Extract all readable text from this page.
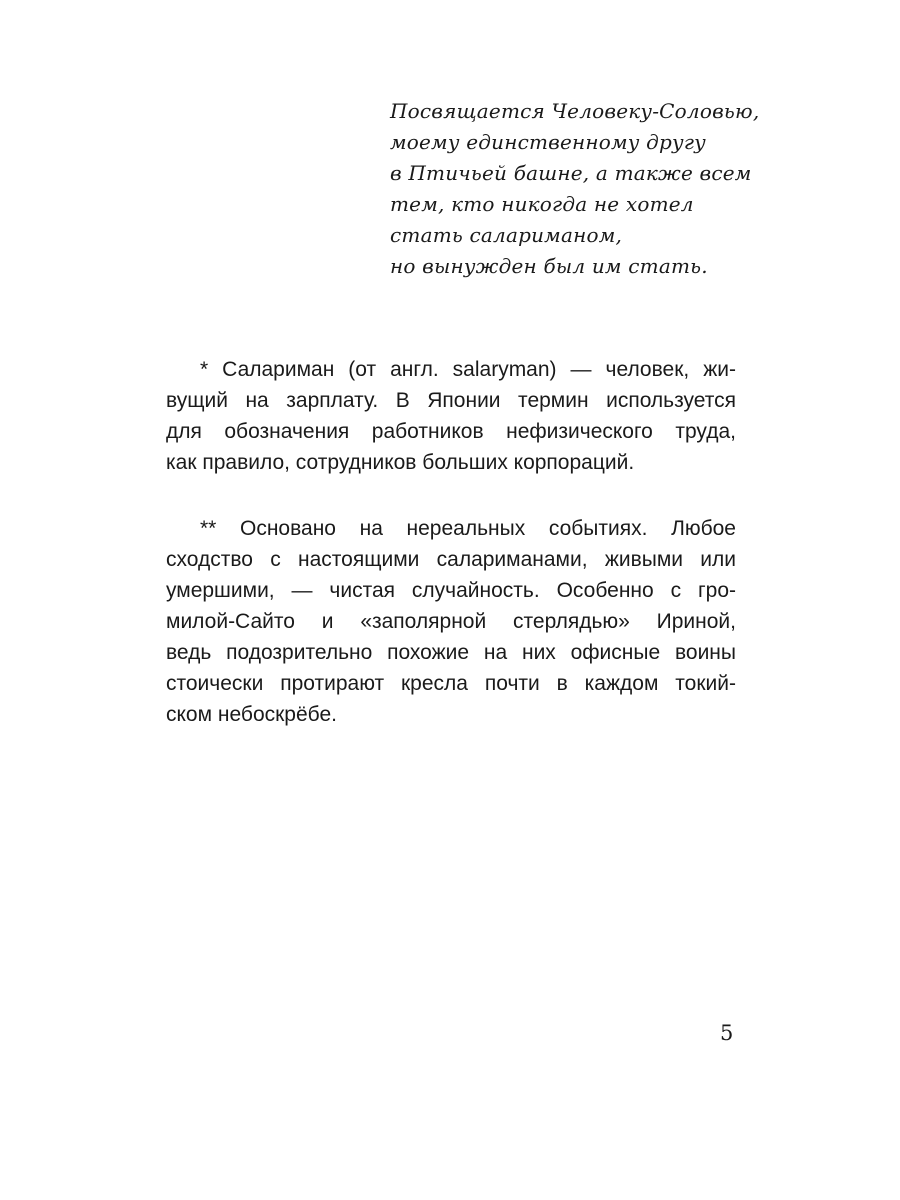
Посвящается Человеку-Соловью,
моему единственному другу
в Птичьей башне, а также всем
тем, кто никогда не хотел
стать салариманом,
но вынужден был им стать.
* Салариман (от англ. salaryman) — человек, жи-
вущий на зарплату. В Японии термин используется
для обозначения работников нефизического труда,
как правило, сотрудников больших корпораций.
** Основано на нереальных событиях. Любое
сходство с настоящими салариманами, живыми или
умершими, — чистая случайность. Особенно с гро-
милой-Сайто и «заполярной стерлядью» Ириной,
ведь подозрительно похожие на них офисные воины
стоически протирают кресла почти в каждом токий-
ском небоскрёбе.
5
